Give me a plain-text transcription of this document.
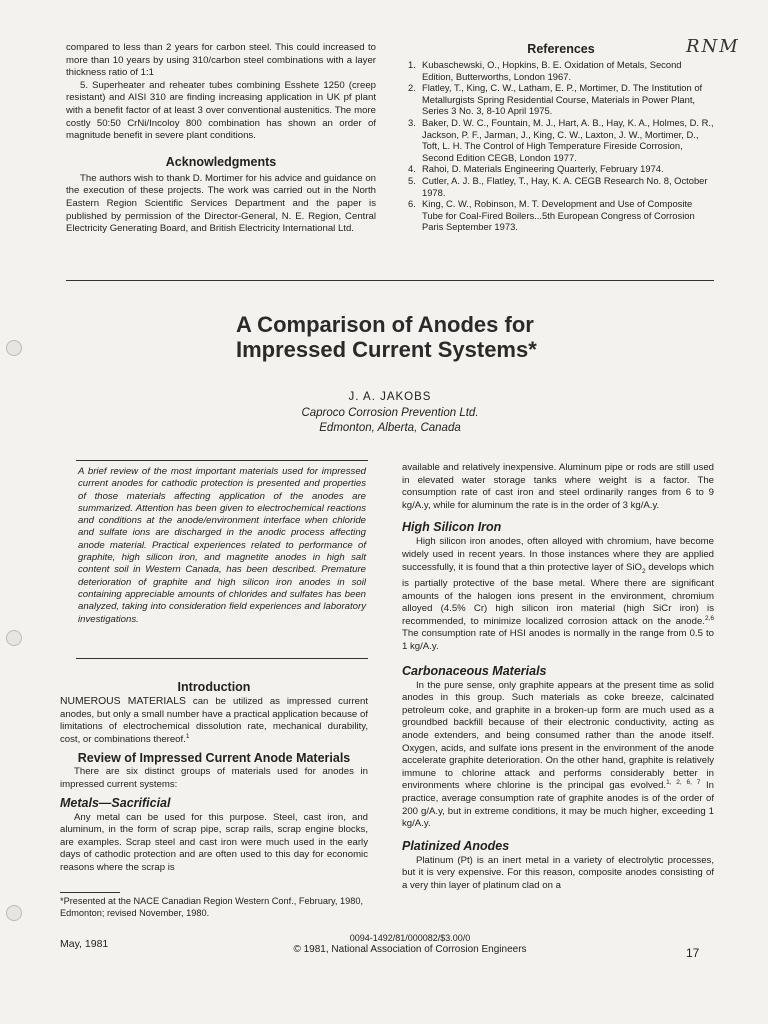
RNM

compared to less than 2 years for carbon steel. This could increased to more than 10 years by using 310/carbon steel combinations with a layer thickness ratio of 1:1

5. Superheater and reheater tubes combining Esshete 1250 (creep resistant) and AISI 310 are finding increasing application in UK pf plant with a benefit factor of at least 3 over conventional austenitics. The more costly 50:50 CrNi/Incoloy 800 combination has shown an order of magnitude benefit in severe plant conditions.

Acknowledgments

The authors wish to thank D. Mortimer for his advice and guidance on the execution of these projects. The work was carried out in the North Eastern Region Scientific Services Department and the paper is published by permission of the Director-General, N. E. Region, Central Electricity Generating Board, and British Electricity International Ltd.

References
1. Kubaschewski, O., Hopkins, B. E. Oxidation of Metals, Second Edition, Butterworths, London 1967.
2. Flatley, T., King, C. W., Latham, E. P., Mortimer, D. The Institution of Metallurgists Spring Residential Course, Materials in Power Plant, Series 3 No. 3, 8-10 April 1975.
3. Baker, D. W. C., Fountain, M. J., Hart, A. B., Hay, K. A., Holmes, D. R., Jackson, P. F., Jarman, J., King, C. W., Laxton, J. W., Mortimer, D., Toft, L. H. The Control of High Temperature Fireside Corrosion, Second Edition CEGB, London 1977.
4. Rahoi, D. Materials Engineering Quarterly, February 1974.
5. Cutler, A. J. B., Flatley, T., Hay, K. A. CEGB Research No. 8, October 1978.
6. King, C. W., Robinson, M. T. Development and Use of Composite Tube for Coal-Fired Boilers...5th European Congress of Corrosion Paris September 1973.
A Comparison of Anodes for
Impressed Current Systems*
J. A. JAKOBS
Caproco Corrosion Prevention Ltd.
Edmonton, Alberta, Canada

A brief review of the most important materials used for impressed current anodes for cathodic protection is presented and properties of those materials affecting application of the anodes are summarized. Attention has been given to electrochemical reactions and conditions at the anode/environment interface when chloride and sulfate ions are discharged in the anodic process affecting anode material. Practical experiences related to performance of graphite, high silicon iron, and magnetite anodes in high salt content soil in Western Canada, has been described. Premature deterioration of graphite and high silicon iron anodes in soil containing appreciable amounts of chlorides and sulfates has been analyzed, taking into consideration field experiences and laboratory investigations.

Introduction

NUMEROUS MATERIALS can be utilized as impressed current anodes, but only a small number have a practical application because of limitations of electrochemical dissolution rate, mechanical durability, cost, or combinations thereof.$^1$

Review of Impressed Current Anode Materials

There are six distinct groups of materials used for anodes in impressed current systems:

Metals—Sacrificial

Any metal can be used for this purpose. Steel, cast iron, and aluminum, in the form of scrap pipe, scrap rails, scrap engine blocks, are examples. Scrap steel and cast iron were much used in the early days of cathodic protection and are often used to this day for economic reasons where the scrap is

*Presented at the NACE Canadian Region Western Conf., February, 1980, Edmonton; revised November, 1980.

available and relatively inexpensive. Aluminum pipe or rods are still used in elevated water storage tanks where weight is a factor. The consumption rate of cast iron and steel ordinarily ranges from 6 to 9 kg/A.y, while for aluminum the rate is in the order of 3 kg/A.y.

High Silicon Iron

High silicon iron anodes, often alloyed with chromium, have become widely used in recent years. In those instances where they are applied successfully, it is found that a thin protective layer of SiO$_2$ develops which is partially protective of the base metal. Where there are significant amounts of the halogen ions present in the environment, chromium alloyed (4.5% Cr) high silicon iron material (high SiCr iron) is recommended, to minimize localized corrosion attack on the anode.$^{2,6}$ The consumption rate of HSI anodes is normally in the range from 0.5 to 1 kg/A.y.

Carbonaceous Materials

In the pure sense, only graphite appears at the present time as solid anodes in this group. Such materials as coke breeze, calcinated petroleum coke, and graphite in a broken-up form are much used as a groundbed backfill because of their electronic conductivity, acting as anode extenders, and being consumed rather than the anode itself. Oxygen, acids, and sulfate ions present in the environment of the anode accelerate graphite deterioration. On the other hand, graphite is relatively immune to chlorine attack and performs considerably better in environments where chlorine is the principal gas evolved.$^{1, 2, 6, 7}$ In practice, average consumption rate of graphite anodes is of the order of 200 g/A.y, but in extreme conditions, it may be much higher, exceeding 1 kg/A.y.

Platinized Anodes

Platinum (Pt) is an inert metal in a variety of electrolytic processes, but it is very expensive. For this reason, composite anodes consisting of a very thin layer of platinum clad on a

May, 1981	0094-1492/81/000082/$3.00/0
© 1981, National Association of Corrosion Engineers	17
